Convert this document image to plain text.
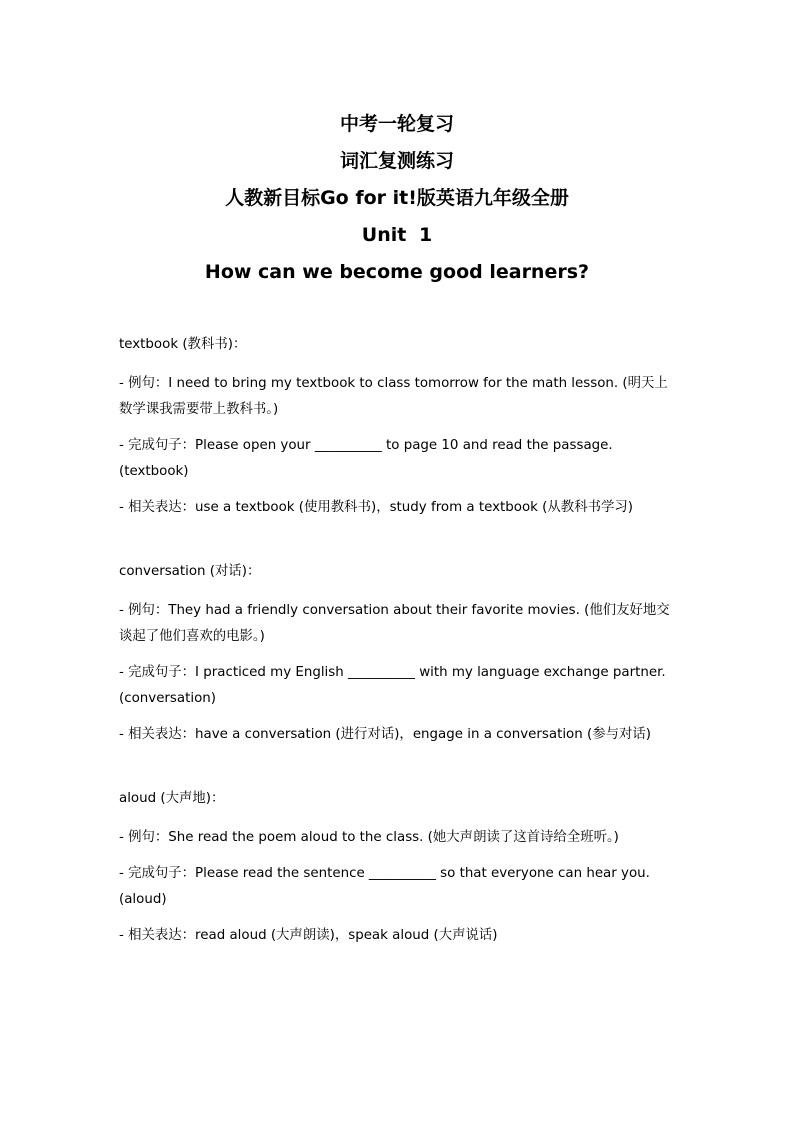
中考一轮复习
词汇复测练习
人教新目标Go for it!版英语九年级全册
Unit 1
How can we become good learners?
textbook (教科书)：
- 例句：I need to bring my textbook to class tomorrow for the math lesson. (明天上数学课我需要带上教科书。)
- 完成句子：Please open your __________ to page 10 and read the passage. (textbook)
- 相关表达：use a textbook (使用教科书)，study from a textbook (从教科书学习)
conversation (对话)：
- 例句：They had a friendly conversation about their favorite movies. (他们友好地交谈起了他们喜欢的电影。)
- 完成句子：I practiced my English __________ with my language exchange partner. (conversation)
- 相关表达：have a conversation (进行对话)，engage in a conversation (参与对话)
aloud (大声地)：
- 例句：She read the poem aloud to the class. (她大声朗读了这首诗给全班听。)
- 完成句子：Please read the sentence __________ so that everyone can hear you. (aloud)
- 相关表达：read aloud (大声朗读)，speak aloud (大声说话)
